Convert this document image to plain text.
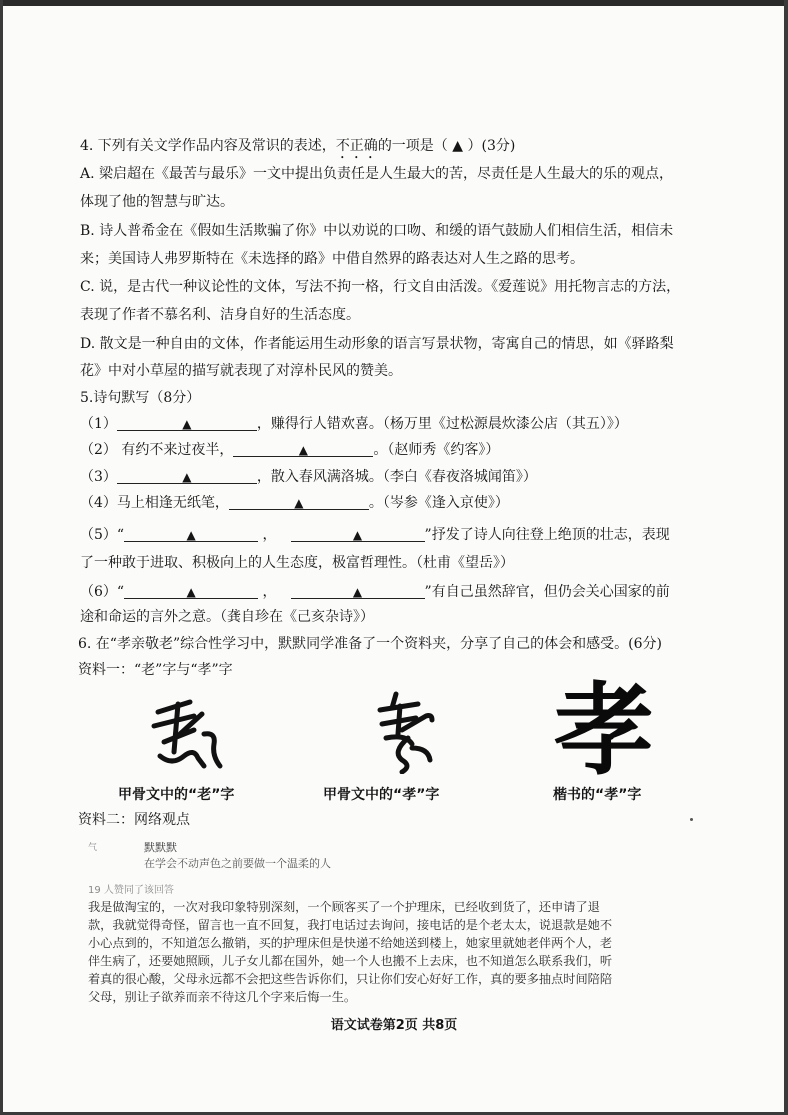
4. 下列有关文学作品内容及常识的表述，不正确的一项是（ ▲ ）(3分)
A. 梁启超在《最苦与最乐》一文中提出负责任是人生最大的苦，尽责任是人生最大的乐的观点，
体现了他的智慧与旷达。
B. 诗人普希金在《假如生活欺骗了你》中以劝说的口吻、和缓的语气鼓励人们相信生活，相信未
来；美国诗人弗罗斯特在《未选择的路》中借自然界的路表达对人生之路的思考。
C. 说，是古代一种议论性的文体，写法不拘一格，行文自由活泼。《爱莲说》用托物言志的方法，
表现了作者不慕名利、洁身自好的生活态度。
D. 散文是一种自由的文体，作者能运用生动形象的语言写景状物，寄寓自己的情思，如《驿路梨
花》中对小草屋的描写就表现了对淳朴民风的赞美。
5.诗句默写（8分）
（1）	▲	，赚得行人错欢喜。（杨万里《过松源晨炊漆公店（其五）》）
（2） 有约不来过夜半，	▲	。（赵师秀《约客》）
（3）	▲	，散入春风满洛城。（李白《春夜洛城闻笛》）
（4）马上相逢无纸笔，	▲	。（岑参《逢入京使》）
（5）“	▲	，	▲	”抒发了诗人向往登上绝顶的壮志，表现
了一种敢于进取、积极向上的人生态度，极富哲理性。（杜甫《望岳》）
（6）“	▲	，	▲	”有自己虽然辞官，但仍会关心国家的前
途和命运的言外之意。（龚自珍在《己亥杂诗》）
6. 在“孝亲敬老”综合性学习中，默默同学准备了一个资料夹，分享了自己的体会和感受。(6分)
资料一：“老”字与“孝”字
孝
甲骨文中的“老”字	甲骨文中的“孝”字	楷书的“孝”字
资料二：网络观点
气	默默默
在学会不动声色之前要做一个温柔的人
19 人赞同了该回答
我是做淘宝的，一次对我印象特别深刻，一个顾客买了一个护理床，已经收到货了，还申请了退
款，我就觉得奇怪，留言也一直不回复，我打电话过去询问，接电话的是个老太太，说退款是她不
小心点到的，不知道怎么撤销，买的护理床但是快递不给她送到楼上，她家里就她老伴两个人，老
伴生病了，还要她照顾，儿子女儿都在国外，她一个人也搬不上去床，也不知道怎么联系我们，听
着真的很心酸，父母永远都不会把这些告诉你们，只让你们安心好好工作，真的要多抽点时间陪陪
父母，别让子欲养而亲不待这几个字来后悔一生。
语文试卷第2页 共8页
